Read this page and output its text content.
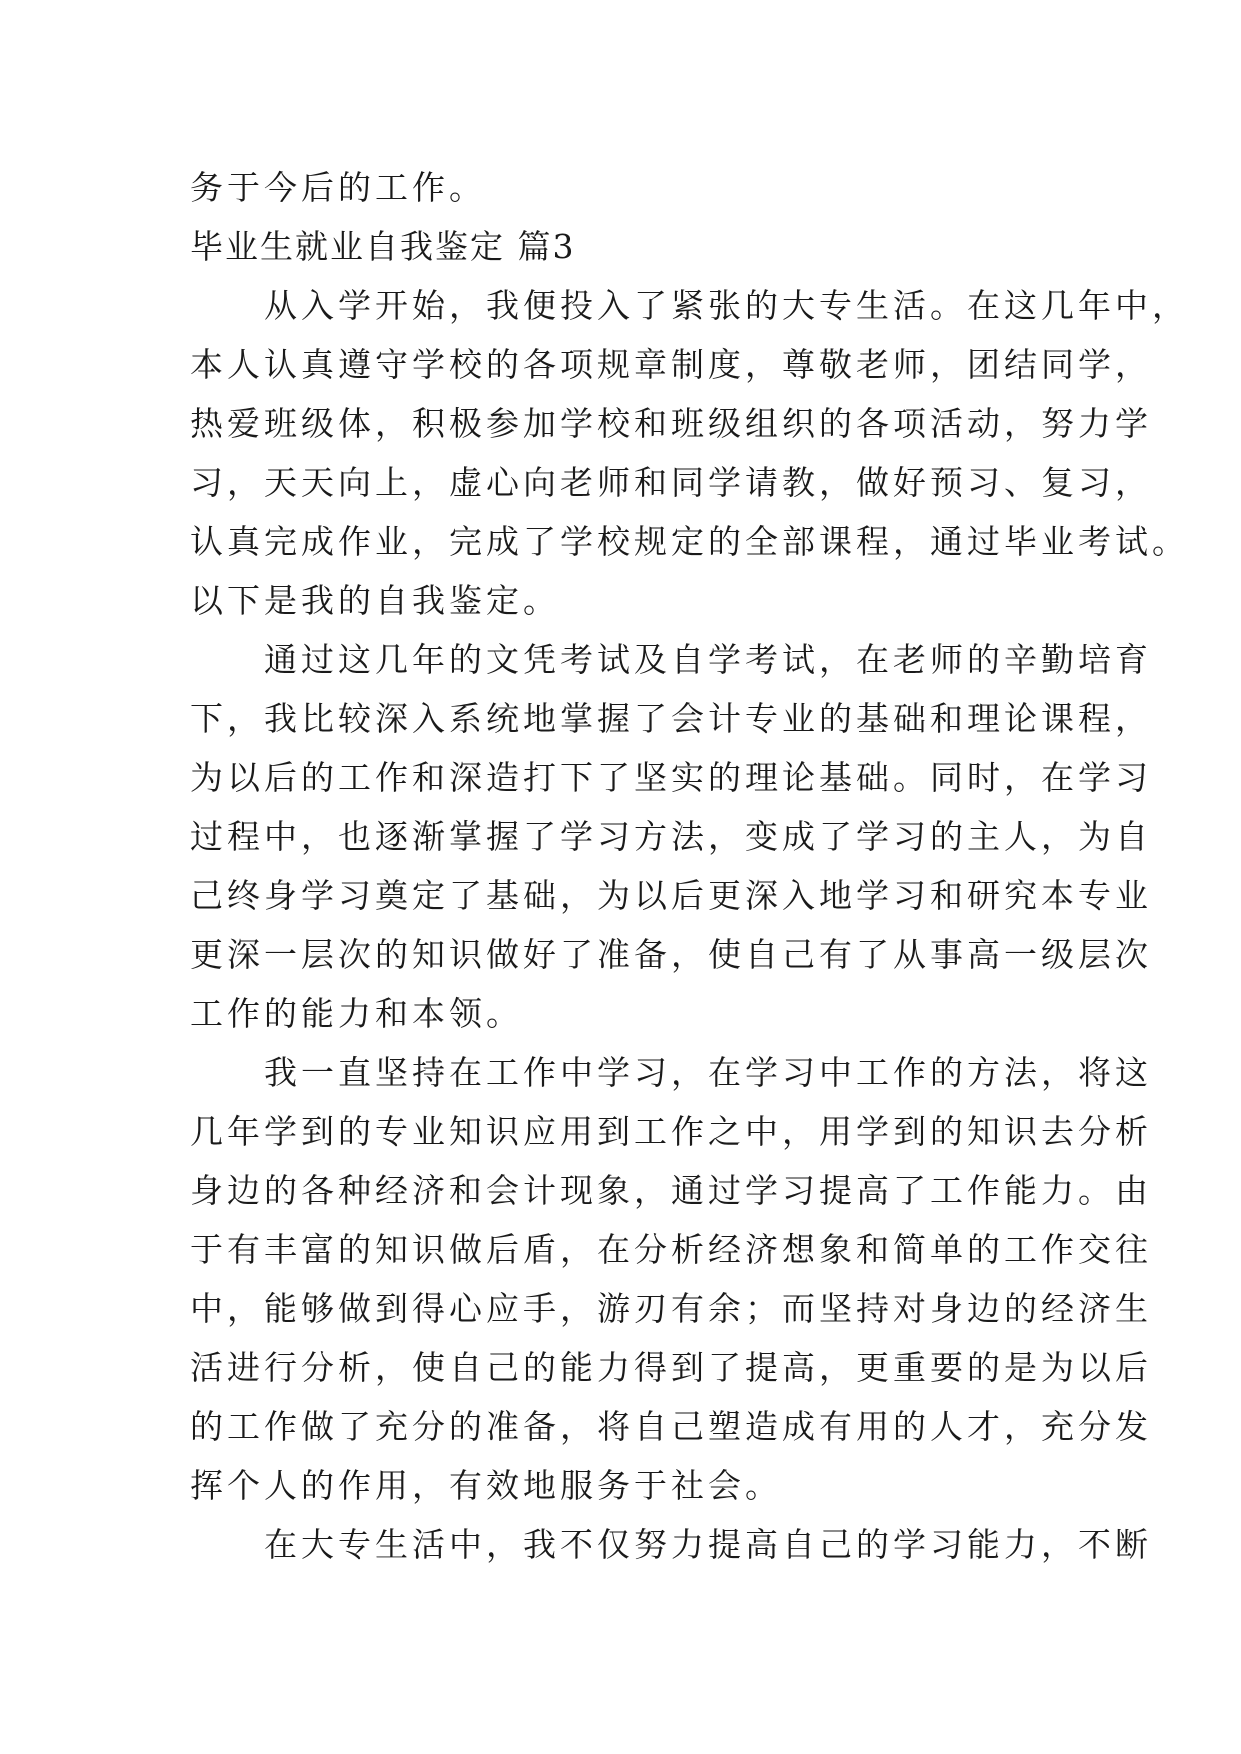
务于今后的工作。
毕业生就业自我鉴定 篇3

　　从入学开始，我便投入了紧张的大专生活。在这几年中，
本人认真遵守学校的各项规章制度，尊敬老师，团结同学，
热爱班级体，积极参加学校和班级组织的各项活动，努力学
习，天天向上，虚心向老师和同学请教，做好预习、复习，
认真完成作业，完成了学校规定的全部课程，通过毕业考试。
以下是我的自我鉴定。

　　通过这几年的文凭考试及自学考试，在老师的辛勤培育
下，我比较深入系统地掌握了会计专业的基础和理论课程，
为以后的工作和深造打下了坚实的理论基础。同时，在学习
过程中，也逐渐掌握了学习方法，变成了学习的主人，为自
己终身学习奠定了基础，为以后更深入地学习和研究本专业
更深一层次的知识做好了准备，使自己有了从事高一级层次
工作的能力和本领。

　　我一直坚持在工作中学习，在学习中工作的方法，将这
几年学到的专业知识应用到工作之中，用学到的知识去分析
身边的各种经济和会计现象，通过学习提高了工作能力。由
于有丰富的知识做后盾，在分析经济想象和简单的工作交往
中，能够做到得心应手，游刃有余；而坚持对身边的经济生
活进行分析，使自己的能力得到了提高，更重要的是为以后
的工作做了充分的准备，将自己塑造成有用的人才，充分发
挥个人的作用，有效地服务于社会。

　　在大专生活中，我不仅努力提高自己的学习能力，不断
